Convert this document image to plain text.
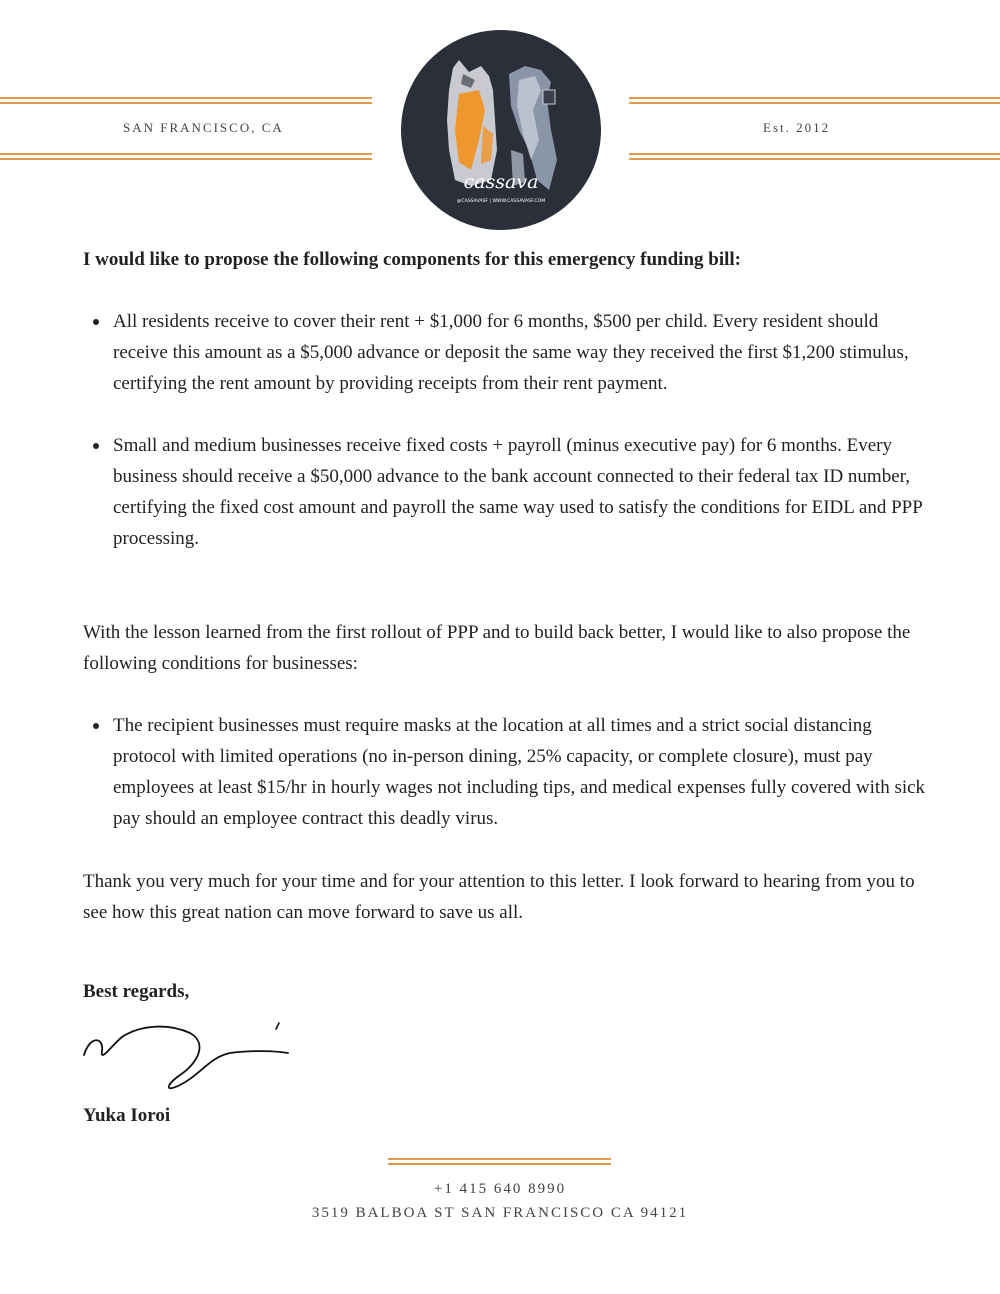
SAN FRANCISCO, CA	Est. 2012
cassava
@CASSAVASF | WWW.CASSAVASF.COM
I would like to propose the following components for this emergency funding bill:
All residents receive to cover their rent + $1,000 for 6 months, $500 per child. Every resident should receive this amount as a $5,000 advance or deposit the same way they received the first $1,200 stimulus, certifying the rent amount by providing receipts from their rent payment.
Small and medium businesses receive fixed costs + payroll (minus executive pay) for 6 months. Every business should receive a $50,000 advance to the bank account connected to their federal tax ID number, certifying the fixed cost amount and payroll the same way used to satisfy the conditions for EIDL and PPP processing.
With the lesson learned from the first rollout of PPP and to build back better, I would like to also propose the following conditions for businesses:
The recipient businesses must require masks at the location at all times and a strict social distancing protocol with limited operations (no in-person dining, 25% capacity, or complete closure), must pay employees at least $15/hr in hourly wages not including tips, and medical expenses fully covered with sick pay should an employee contract this deadly virus.
Thank you very much for your time and for your attention to this letter. I look forward to hearing from you to see how this great nation can move forward to save us all.
Best regards,
Yuka Ioroi
+1 415 640 8990
3519 BALBOA ST SAN FRANCISCO CA 94121
